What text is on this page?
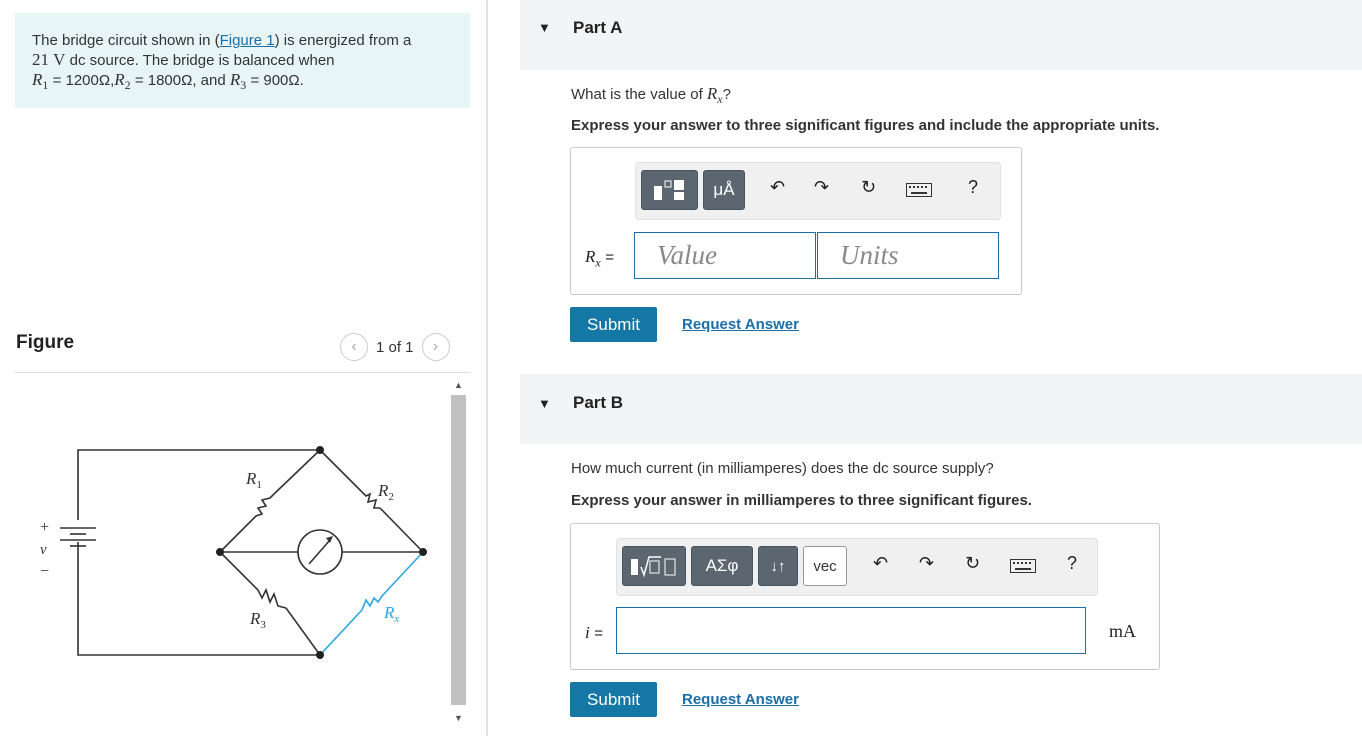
The bridge circuit shown in (Figure 1) is energized from a
21 V dc source. The bridge is balanced when
$R_1 = 1200\Omega,R_2 = 1800\Omega$, and $R_3 = 900\Omega$.
Figure	‹	1 of 1	›
$R_1$	$R_2$
$R_3$
$R_x$
+
v
−
▲
▼
▼ Part A
What is the value of $R_x$?
Express your answer to three significant figures and include the appropriate units.
μÅ	↶ ↷ ↻	?
$R_x$ = Value	Units
Submit	Request Answer
▼ Part B
How much current (in milliamperes) does the dc source supply?
Express your answer in milliamperes to three significant figures.
ΑΣφ	↓↑	vec	↶ ↷ ↻	?
i =	mA
Submit	Request Answer
